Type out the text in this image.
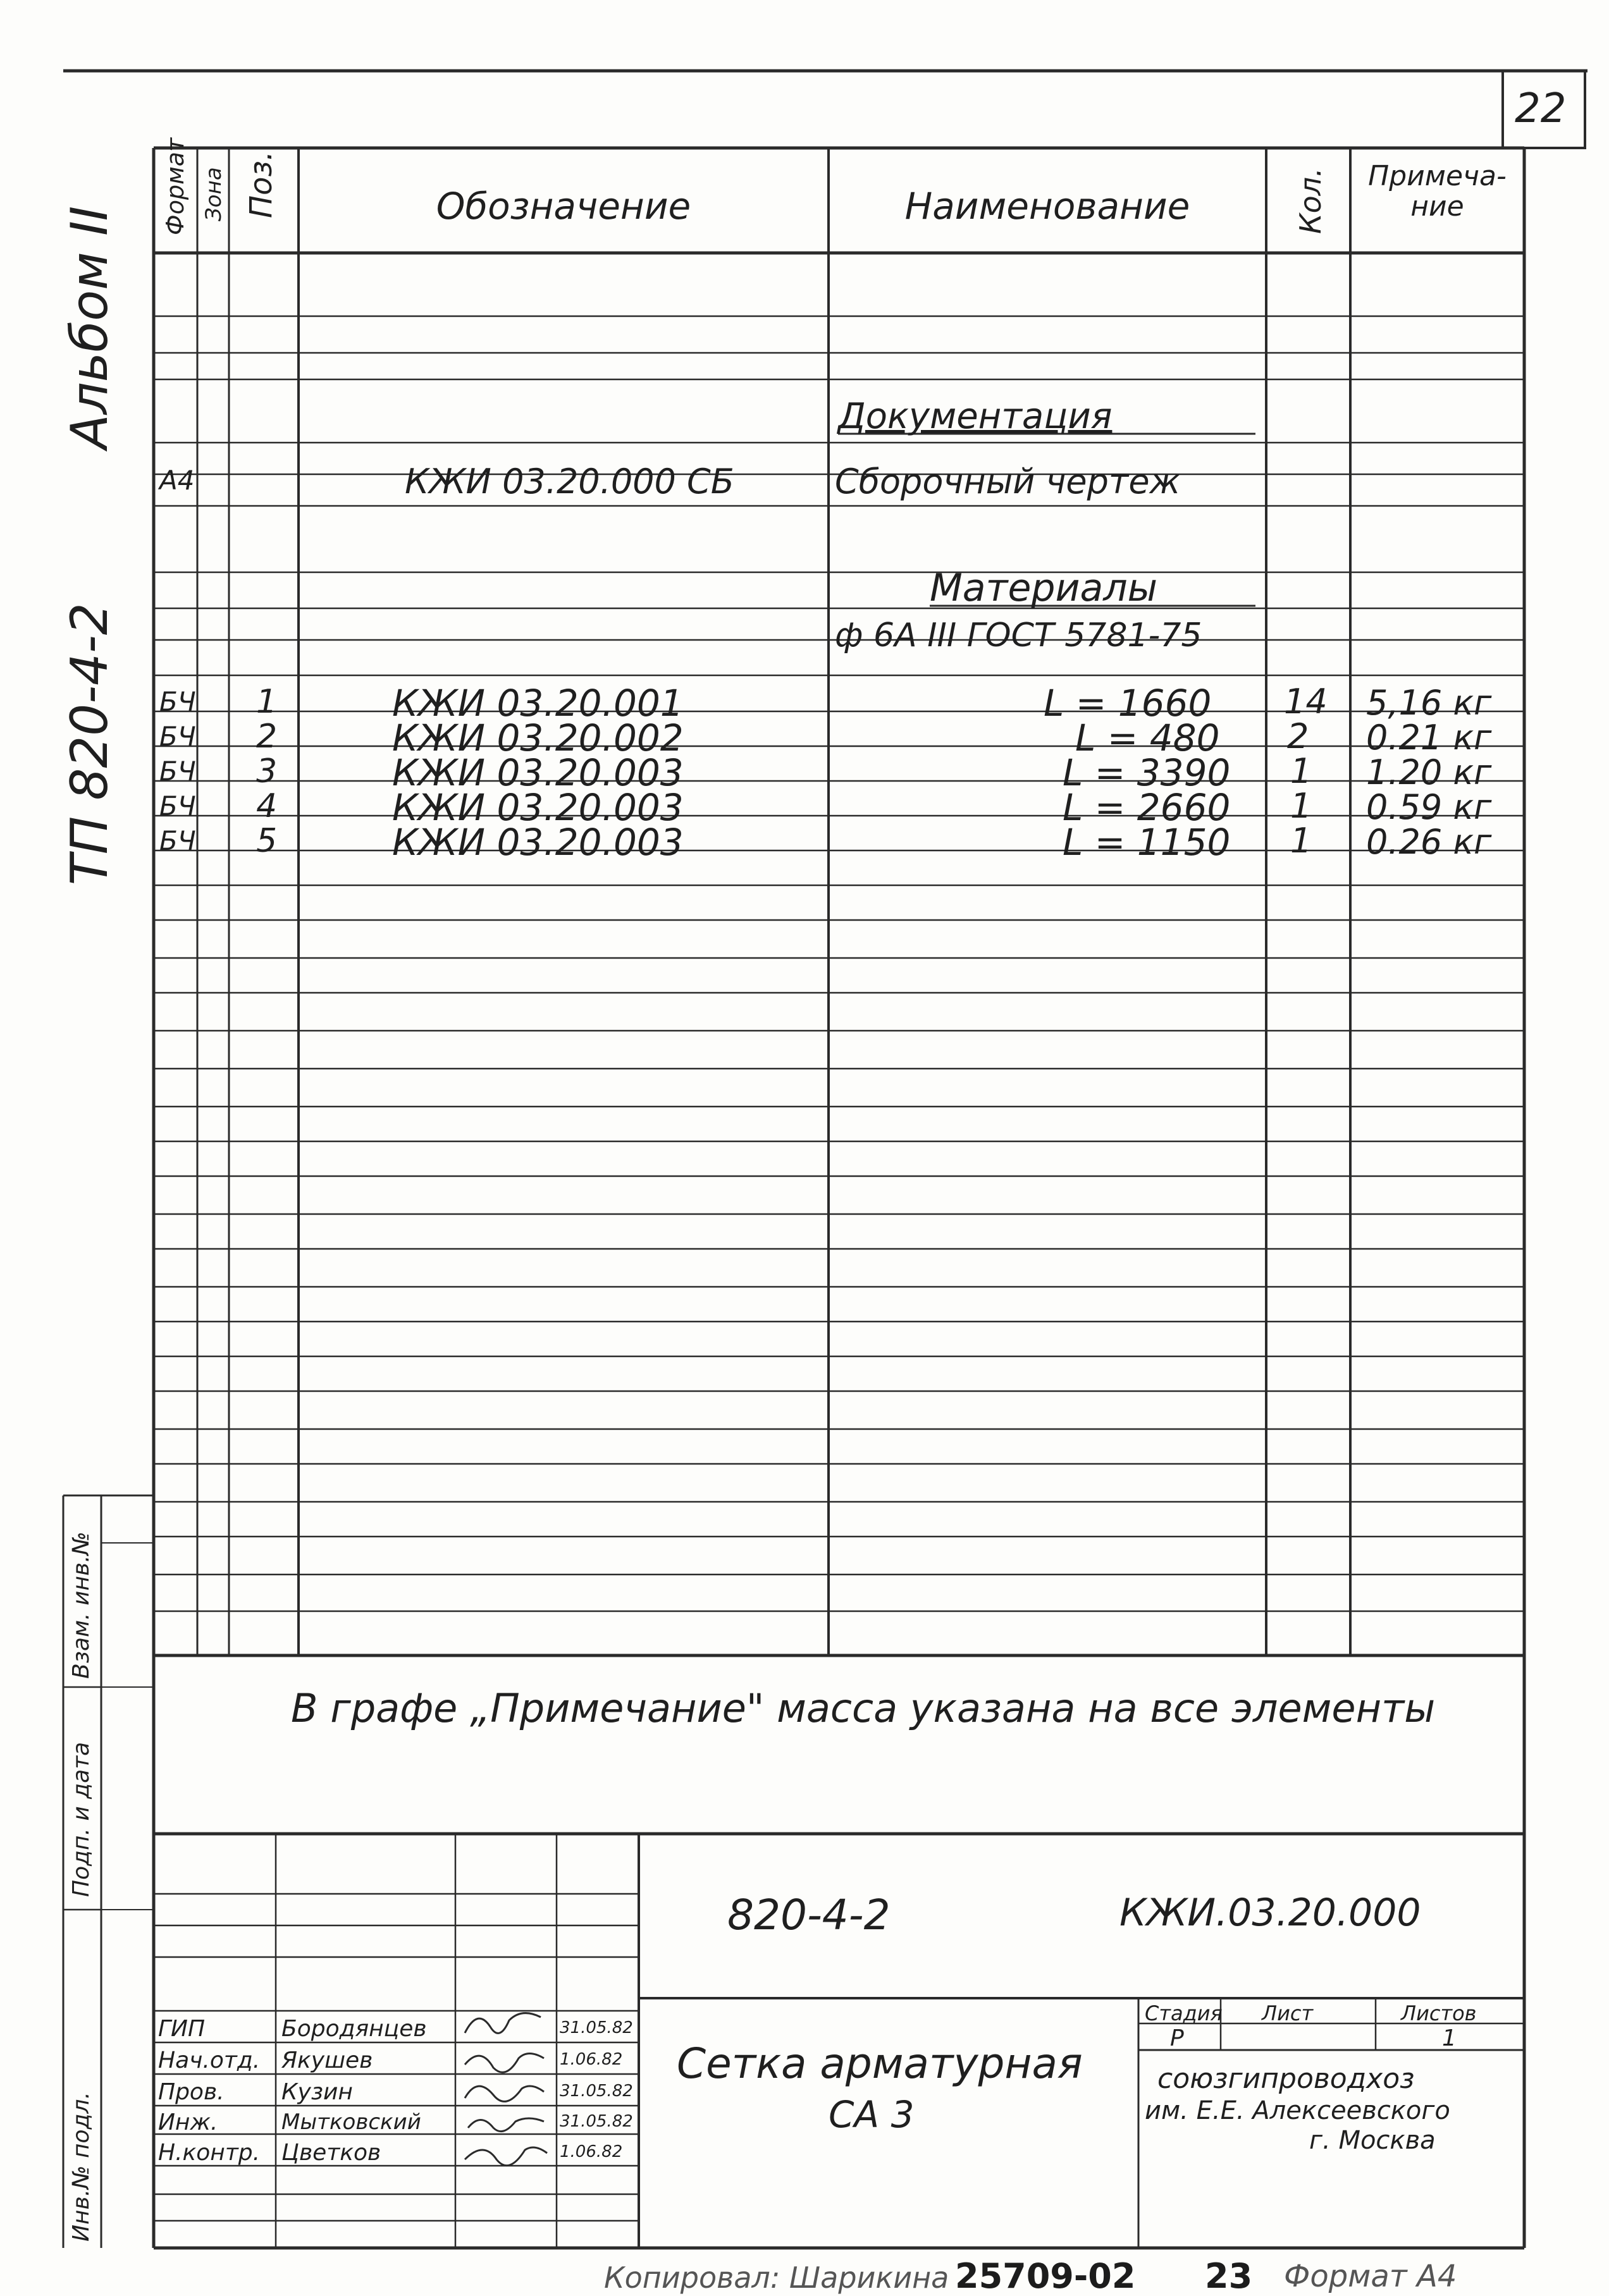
22
Альбом II
ТП 820-4-2
Формат Зона Поз.	Обозначение	Наименование	Кол.	Примеча-ние
Документация
А4	КЖИ 03.20.000 СБ	Сборочный чертеж
Материалы
ф 6А III ГОСТ 5781-75
БЧ 1	КЖИ 03.20.001	L = 1660 14 5,16 кг
БЧ 2	КЖИ 03.20.002	L = 480 2 0.21 кг
БЧ 3	КЖИ 03.20.003	L = 3390 1 1.20 кг
БЧ 4	КЖИ 03.20.003	L = 2660 1 0.59 кг
БЧ 5	КЖИ 03.20.003	L = 1150 1 0.26 кг
В графе „Примечание" масса указана на все элементы
Инв.№ подл.
Подп. и дата
Взам. инв.№
820-4-2	КЖИ.03.20.000
Сетка арматурная
СА 3
Стадия Лист	Листов
Р	1
союзгипроводхоз
им. Е.Е. Алексеевского
г. Москва
ГИП	Бородянцев	31.05.82
Нач.отд. Якушев	1.06.82
Пров.	Кузин	31.05.82
Инж.	Мытковский	31.05.82
Н.контр. Цветков	1.06.82
Копировал: Шарикина 25709-02 23 Формат А4
